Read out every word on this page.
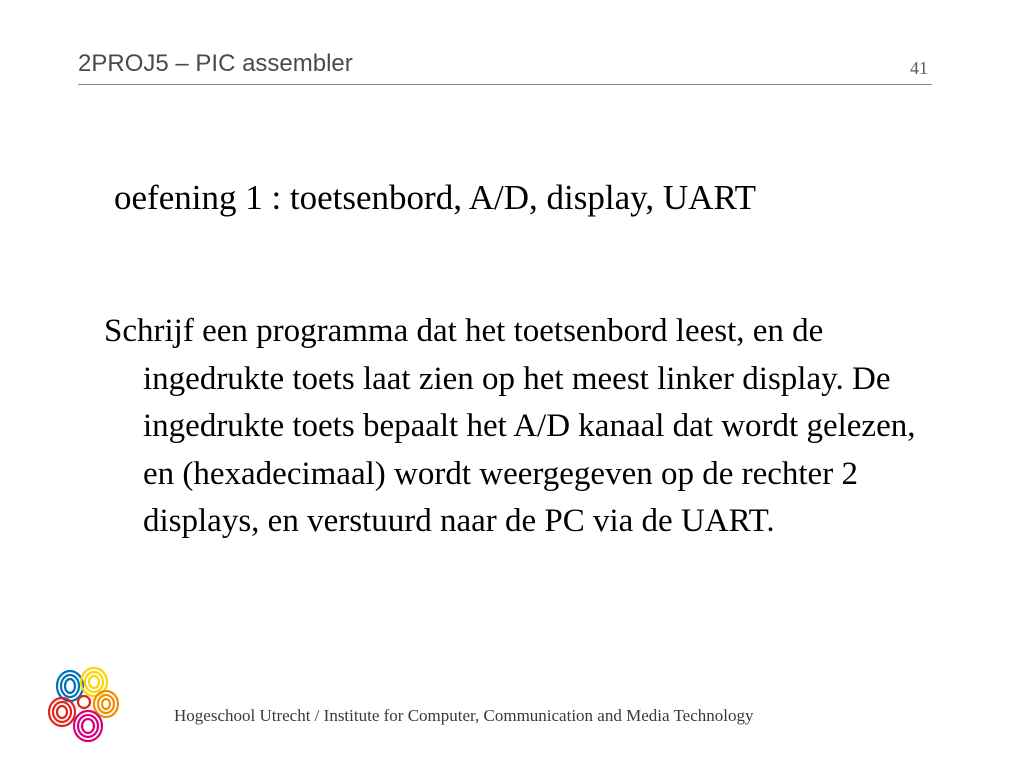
2PROJ5 – PIC assembler	41
oefening 1 : toetsenbord, A/D, display, UART

Schrijf een programma dat het toetsenbord leest, en de ingedrukte toets laat zien op het meest linker display. De ingedrukte toets bepaalt het A/D kanaal dat wordt gelezen, en (hexadecimaal) wordt weergegeven op de rechter 2 displays, en verstuurd naar de PC via de UART.

Hogeschool Utrecht / Institute for Computer, Communication and Media Technology
